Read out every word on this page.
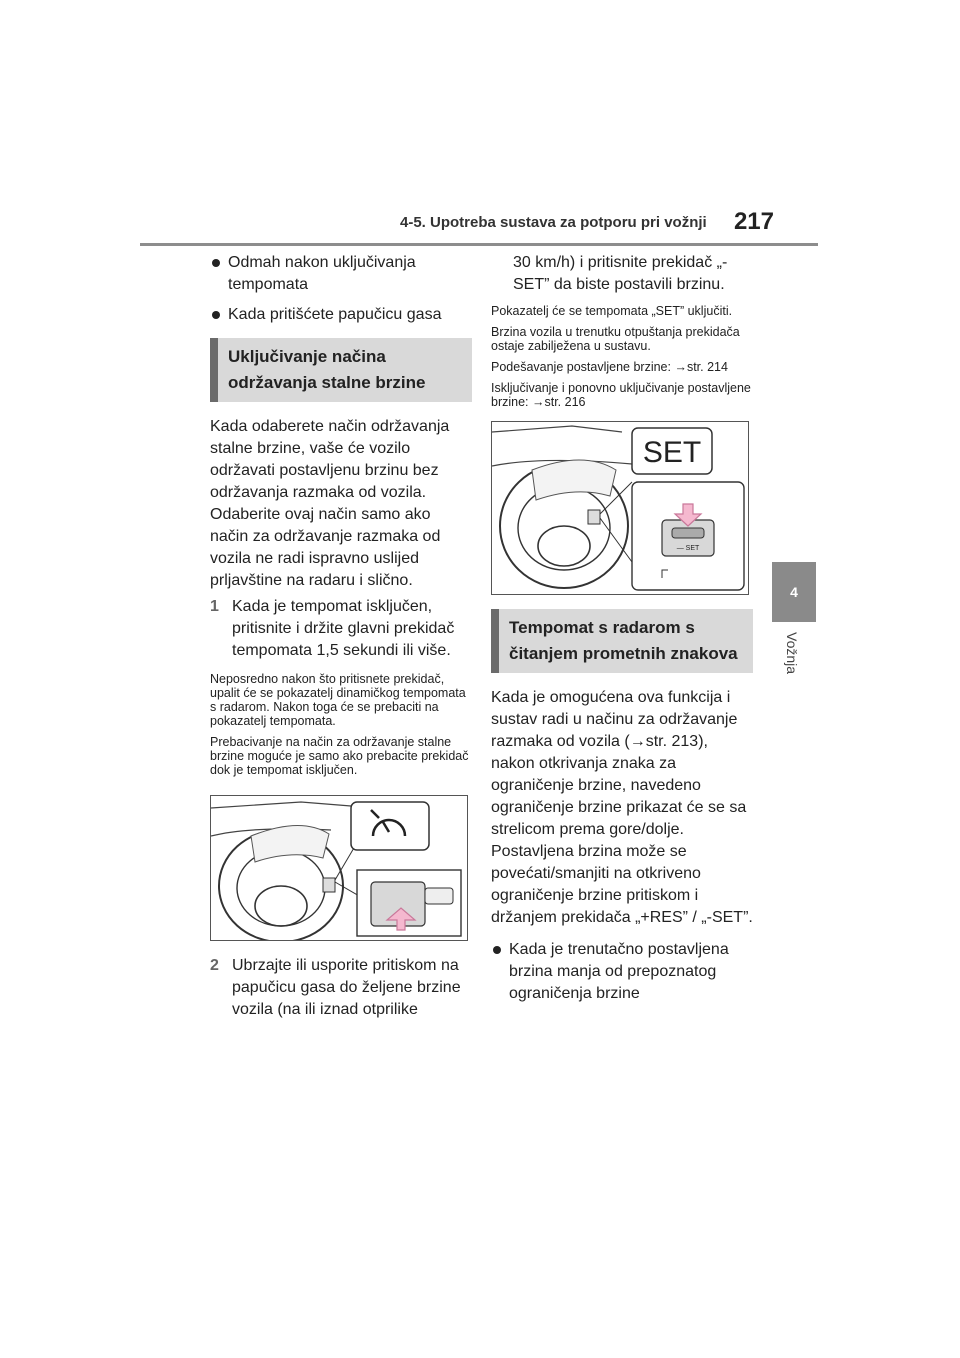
4-5. Upotreba sustava za potporu pri vožnji 217
4
Vožnja
Odmah nakon uključivanja tempomata
Kada pritišćete papučicu gasa
Uključivanje načina
održavanja stalne brzine

Kada odaberete način održavanja stalne brzine, vaše će vozilo održavati postavljenu brzinu bez održavanja razmaka od vozila. Odaberite ovaj način samo ako način za održavanje razmaka od vozila ne radi ispravno uslijed prljavštine na radaru i slično.

1 Kada je tempomat isključen, pritisnite i držite glavni prekidač tempomata 1,5 sekundi ili više.

Neposredno nakon što pritisnete prekidač, upalit će se pokazatelj dinamičkog tempomata s radarom. Nakon toga će se prebaciti na pokazatelj tempomata.

Prebacivanje na način za održavanje stalne brzine moguće je samo ako prebacite prekidač dok je tempomat isključen.

2 Ubrzajte ili usporite pritiskom na papučicu gasa do željene brzine vozila (na ili iznad otprilike

30 km/h) i pritisnite prekidač „-SET” da biste postavili brzinu.

Pokazatelj će se tempomata „SET” uključiti.

Brzina vozila u trenutku otpuštanja prekidača ostaje zabilježena u sustavu.

Podešavanje postavljene brzine: →str. 214

Isključivanje i ponovno uključivanje postavljene brzine: →str. 216

SET
— SET
Tempomat s radarom s
čitanjem prometnih znakova

Kada je omogućena ova funkcija i sustav radi u načinu za održavanje razmaka od vozila (→str. 213), nakon otkrivanja znaka za ograničenje brzine, navedeno ograničenje brzine prikazat će se sa strelicom prema gore/dolje. Postavljena brzina može se povećati/smanjiti na otkriveno ograničenje brzine pritiskom i držanjem prekidača „+RES” / „-SET”.

Kada je trenutačno postavljena brzina manja od prepoznatog ograničenja brzine
